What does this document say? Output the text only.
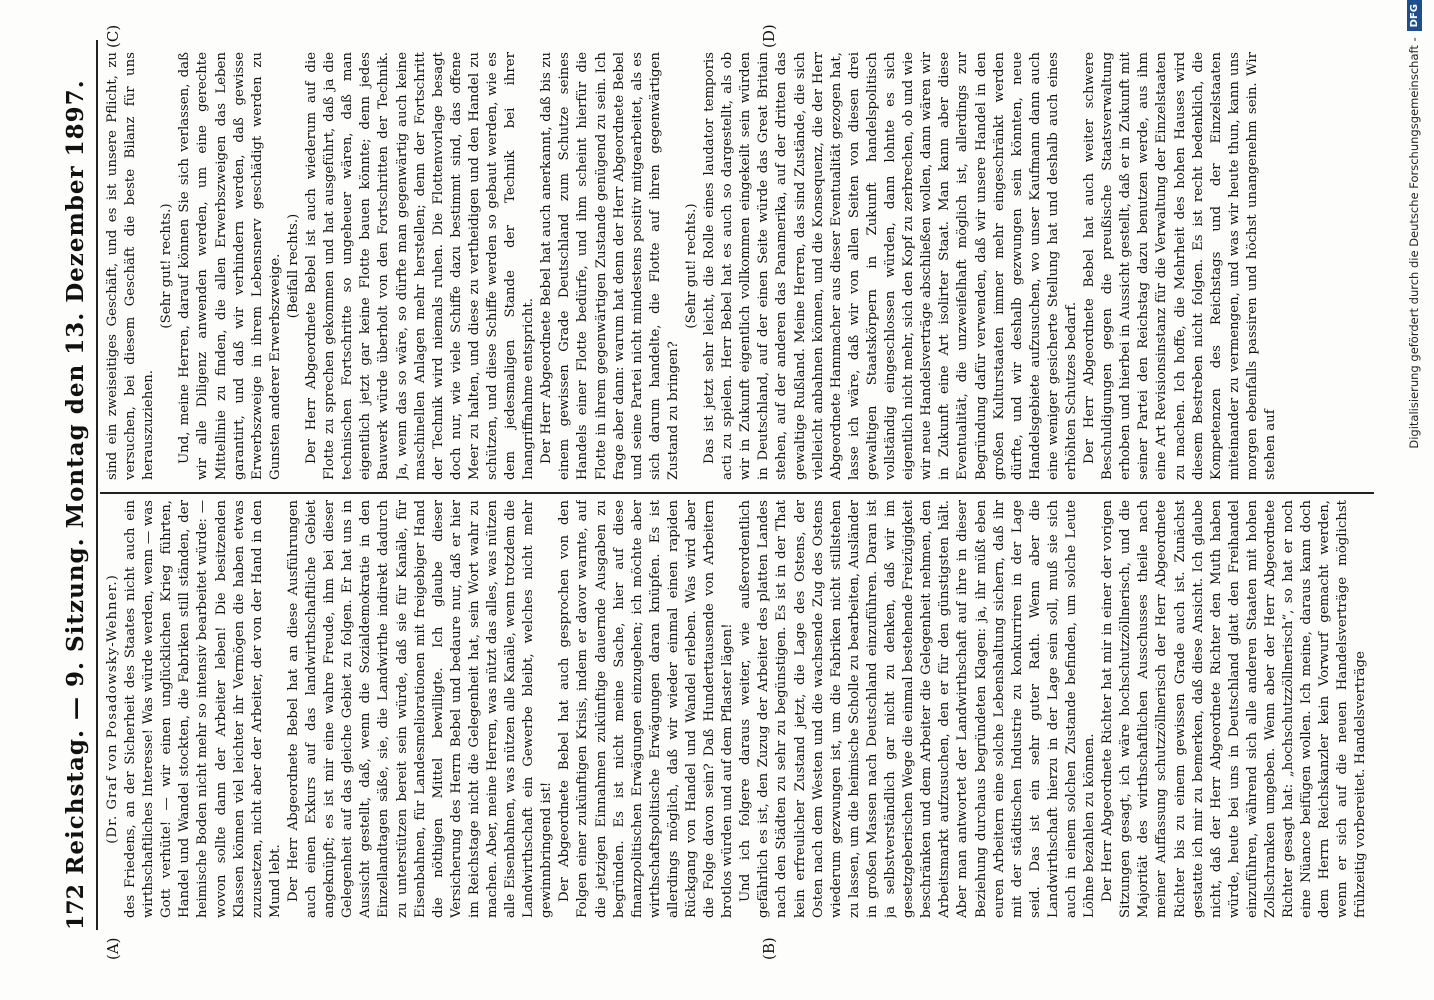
172
Reichstag. — 9. Sitzung. Montag den 13. Dezember 1897.
(A)	(B)
(C)	(D)

(Dr. Graf von Posadowsky-Wehner.) des Friedens, an der Sicherheit des Staates nicht auch ein wirthschaftliches Interesse! Was würde werden, wenn — was Gott verhüte! — wir einen unglücklichen Krieg führten, Handel und Wandel stockten, die Fabriken still ständen, der heimische Boden nicht mehr so intensiv bearbeitet würde: — wovon sollte dann der Arbeiter leben! Die besitzenden Klassen können viel leichter ihr Vermögen die haben etwas zuzusetzen, nicht aber der Arbeiter, der von der Hand in den Mund lebt. Der Herr Abgeordnete Bebel hat an diese Ausführungen auch einen Exkurs auf das landwirthschaftliche Gebiet angeknüpft; es ist mir eine wahre Freude, ihm bei dieser Gelegenheit auf das gleiche Gebiet zu folgen. Er hat uns in Aussicht gestellt, daß, wenn die Sozialdemokratie in den Einzellandtagen säße, sie, die Landwirthe indirekt dadurch zu unterstützen bereit sein würde, daß sie für Kanäle, für Eisenbahnen, für Landesmeliorationen mit freigebiger Hand die nöthigen Mittel bewilligte. Ich glaube dieser Versicherung des Herrn Bebel und bedaure nur, daß er hier im Reichstage nicht die Gelegenheit hat, sein Wort wahr zu machen. Aber, meine Herren, was nützt das alles, was nützen alle Eisenbahnen, was nützen alle Kanäle, wenn trotzdem die Landwirthschaft ein Gewerbe bleibt, welches nicht mehr gewinnbringend ist! Der Abgeordnete Bebel hat auch gesprochen von den Folgen einer zukünftigen Krisis, indem er davor warnte, auf die jetzigen Einnahmen zukünftige dauernde Ausgaben zu begründen. Es ist nicht meine Sache, hier auf diese finanzpolitischen Erwägungen einzugehen; ich möchte aber wirthschaftspolitische Erwägungen daran knüpfen. Es ist allerdings möglich, daß wir wieder einmal einen rapiden Rückgang von Handel und Wandel erleben. Was wird aber die Folge davon sein? Daß Hunderttausende von Arbeitern brotlos würden und auf dem Pflaster lägen! Und ich folgere daraus weiter, wie außerordentlich gefährlich es ist, den Zuzug der Arbeiter des platten Landes nach den Städten zu sehr zu begünstigen. Es ist in der That kein erfreulicher Zustand jetzt, die Lage des Ostens, der Osten nach dem Westen und die wachsende Zug des Ostens wiederum gezwungen ist, um die Fabriken nicht stillstehen zu lassen, um die heimische Scholle zu bearbeiten, Ausländer in großen Massen nach Deutschland einzuführen. Daran ist ja selbstverständlich gar nicht zu denken, daß wir im gesetzgeberischen Wege die einmal bestehende Freizügigkeit beschränken und dem Arbeiter die Gelegenheit nehmen, den Arbeitsmarkt aufzusuchen, den er für den günstigsten hält. Aber man antwortet der Landwirthschaft auf ihre in dieser Beziehung durchaus begründeten Klagen: ja, ihr müßt eben euren Arbeitern eine solche Lebenshaltung sichern, daß ihr mit der städtischen Industrie zu konkurriren in der Lage seid. Das ist ein sehr guter Rath. Wenn aber die Landwirthschaft hierzu in der Lage sein soll, muß sie sich auch in einem solchen Zustande befinden, um solche Leute Löhne bezahlen zu können. Der Herr Abgeordnete Richter hat mir in einer der vorigen Sitzungen gesagt, ich wäre hochschutzzöllnerisch, und die Majorität des wirthschaftlichen Ausschusses theile nach meiner Auffassung schutzzöllnerisch der Herr Abgeordnete Richter bis zu einem gewissen Grade auch ist. Zunächst gestatte ich mir zu bemerken, daß diese Ansicht. Ich glaube nicht, daß der Herr Abgeordnete Richter den Muth haben würde, heute bei uns in Deutschland glatt den Freihandel einzuführen, während sich alle anderen Staaten mit hohen Zollschranken umgeben. Wenn aber der Herr Abgeordnete Richter gesagt hat: „hochschutzzöllnerisch“, so hat er noch eine Nüance beifügen wollen. Ich meine, daraus kann doch dem Herrn Reichskanzler kein Vorwurf gemacht werden, wenn er sich auf die neuen Handelsverträge möglichst frühzeitig vorbereitet. Handelsverträge

sind ein zweiseitiges Geschäft, und es ist unsere Pflicht, zu versuchen, bei diesem Geschäft die beste Bilanz für uns herauszuziehen.

(Sehr gut! rechts.) Und, meine Herren, darauf können Sie sich verlassen, daß wir alle Diligenz anwenden werden, um eine gerechte Mittellinie zu finden, die allen Erwerbszweigen das Leben garantirt, und daß wir verhindern werden, daß gewisse Erwerbszweige in ihrem Lebensnerv geschädigt werden zu Gunsten anderer Erwerbszweige. (Beifall rechts.) Der Herr Abgeordnete Bebel ist auch wiederum auf die Flotte zu sprechen gekommen und hat ausgeführt, daß ja die technischen Fortschritte so ungeheuer wären, daß man eigentlich jetzt gar keine Flotte bauen könnte; denn jedes Bauwerk würde überholt von den Fortschritten der Technik. Ja, wenn das so wäre, so dürfte man gegenwärtig auch keine maschinellen Anlagen mehr herstellen; denn der Fortschritt der Technik wird niemals ruhen. Die Flottenvorlage besagt doch nur, wie viele Schiffe dazu bestimmt sind, das offene Meer zu halten, und diese zu vertheidigen und den Handel zu schützen, und diese Schiffe werden so gebaut werden, wie es dem jedesmaligen Stande der Technik bei ihrer Inangriffnahme entspricht. Der Herr Abgeordnete Bebel hat auch anerkannt, daß bis zu einem gewissen Grade Deutschland zum Schutze seines Handels einer Flotte bedürfe, und ihm scheint hierfür die Flotte in ihrem gegenwärtigen Zustande genügend zu sein. Ich frage aber dann: warum hat denn der Herr Abgeordnete Bebel und seine Partei nicht mindestens positiv mitgearbeitet, als es sich darum handelte, die Flotte auf ihren gegenwärtigen Zustand zu bringen?

(Sehr gut! rechts.) Das ist jetzt sehr leicht, die Rolle eines laudator temporis acti zu spielen. Herr Bebel hat es auch so dargestellt, als ob wir in Zukunft eigentlich vollkommen eingekeilt sein würden in Deutschland, auf der einen Seite würde das Great Britain stehen, auf der anderen das Panamerika, auf der dritten das gewaltige Rußland. Meine Herren, das sind Zustände, die sich vielleicht anbahnen können, und die Konsequenz, die der Herr Abgeordnete Hammacher aus dieser Eventualität gezogen hat, lasse ich wäre, daß wir von allen Seiten von diesen drei gewaltigen Staatskörpern in Zukunft handelspolitisch vollständig eingeschlossen würden, dann lohnte es sich eigentlich nicht mehr, sich den Kopf zu zerbrechen, ob und wie wir neue Handelsverträge abschließen wollen, dann wären wir in Zukunft eine Art isolirter Staat. Man kann aber diese Eventualität, die unzweifelhaft möglich ist, allerdings zur Begründung dafür verwenden, daß wir unsere Handel in den großen Kulturstaaten immer mehr eingeschränkt werden dürfte, und wir deshalb gezwungen sein könnten, neue Handelsgebiete aufzusuchen, wo unser Kaufmann dann auch eine weniger gesicherte Stellung hat und deshalb auch eines erhöhten Schutzes bedarf. Der Herr Abgeordnete Bebel hat auch weiter schwere Beschuldigungen gegen die preußische Staatsverwaltung erhoben und hierbei in Aussicht gestellt, daß er in Zukunft mit seiner Partei den Reichstag dazu benutzen werde, aus ihm eine Art Revisionsinstanz für die Verwaltung der Einzelstaaten zu machen. Ich hoffe, die Mehrheit des hohen Hauses wird diesem Bestreben nicht folgen. Es ist recht bedenklich, die Kompetenzen des Reichstags und der Einzelstaaten miteinander zu vermengen, und was wir heute thun, kann uns morgen ebenfalls passiren und höchst unangenehm sein. Wir stehen auf	Digitalisierung gefördert durch die Deutsche Forschungsgemeinschaft -
DFG
